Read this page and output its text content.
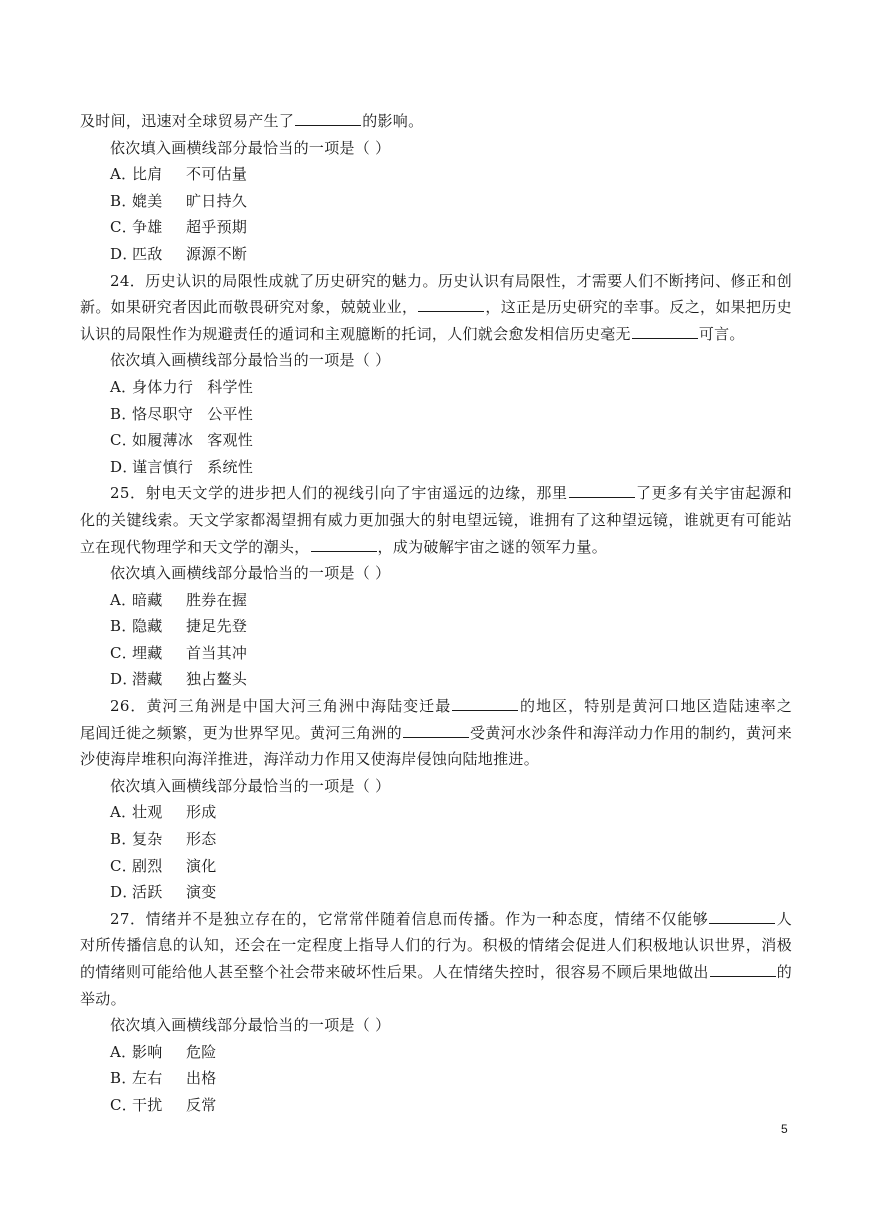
及时间，迅速对全球贸易产生了	的影响。
依次填入画横线部分最恰当的一项是（ ）
A．比肩 不可估量
B．媲美 旷日持久
C．争雄 超乎预期
D．匹敌 源源不断
24．历史认识的局限性成就了历史研究的魅力。历史认识有局限性，才需要人们不断拷问、修正和创
新。如果研究者因此而敬畏研究对象，兢兢业业，	，这正是历史研究的幸事。反之，如果把历史
认识的局限性作为规避责任的遁词和主观臆断的托词，人们就会愈发相信历史毫无	可言。
依次填入画横线部分最恰当的一项是（ ）
A．身体力行 科学性
B．恪尽职守 公平性
C．如履薄冰 客观性
D．谨言慎行 系统性
25．射电天文学的进步把人们的视线引向了宇宙遥远的边缘，那里	了更多有关宇宙起源和
化的关键线索。天文学家都渴望拥有威力更加强大的射电望远镜，谁拥有了这种望远镜，谁就更有可能站
立在现代物理学和天文学的潮头，	，成为破解宇宙之谜的领军力量。
依次填入画横线部分最恰当的一项是（ ）
A．暗藏 胜券在握
B．隐藏 捷足先登
C．埋藏 首当其冲
D．潜藏 独占鳌头
26．黄河三角洲是中国大河三角洲中海陆变迁最	的地区，特别是黄河口地区造陆速率之
尾闾迁徙之频繁，更为世界罕见。黄河三角洲的	受黄河水沙条件和海洋动力作用的制约，黄河来
沙使海岸堆积向海洋推进，海洋动力作用又使海岸侵蚀向陆地推进。
依次填入画横线部分最恰当的一项是（ ）
A．壮观 形成
B．复杂 形态
C．剧烈 演化
D．活跃 演变
27．情绪并不是独立存在的，它常常伴随着信息而传播。作为一种态度，情绪不仅能够	人
对所传播信息的认知，还会在一定程度上指导人们的行为。积极的情绪会促进人们积极地认识世界，消极
的情绪则可能给他人甚至整个社会带来破坏性后果。人在情绪失控时，很容易不顾后果地做出	的
举动。
依次填入画横线部分最恰当的一项是（ ）
A．影响 危险
B．左右 出格
C．干扰 反常
5
